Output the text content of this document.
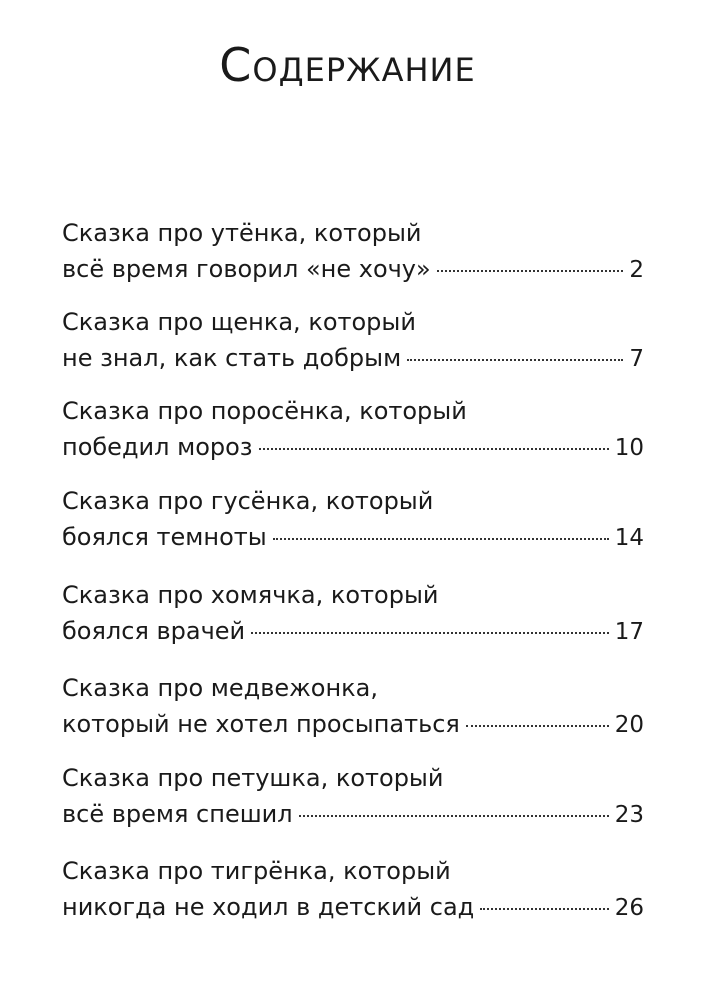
Содержание
Сказка про утёнка, который
всё время говорил «не хочу»	2
Сказка про щенка, который
не знал, как стать добрым	7
Сказка про поросёнка, который
победил мороз	10
Сказка про гусёнка, который
боялся темноты	14
Сказка про хомячка, который
боялся врачей	17
Сказка про медвежонка,
который не хотел просыпаться	20
Сказка про петушка, который
всё время спешил	23
Сказка про тигрёнка, который
никогда не ходил в детский сад	26
